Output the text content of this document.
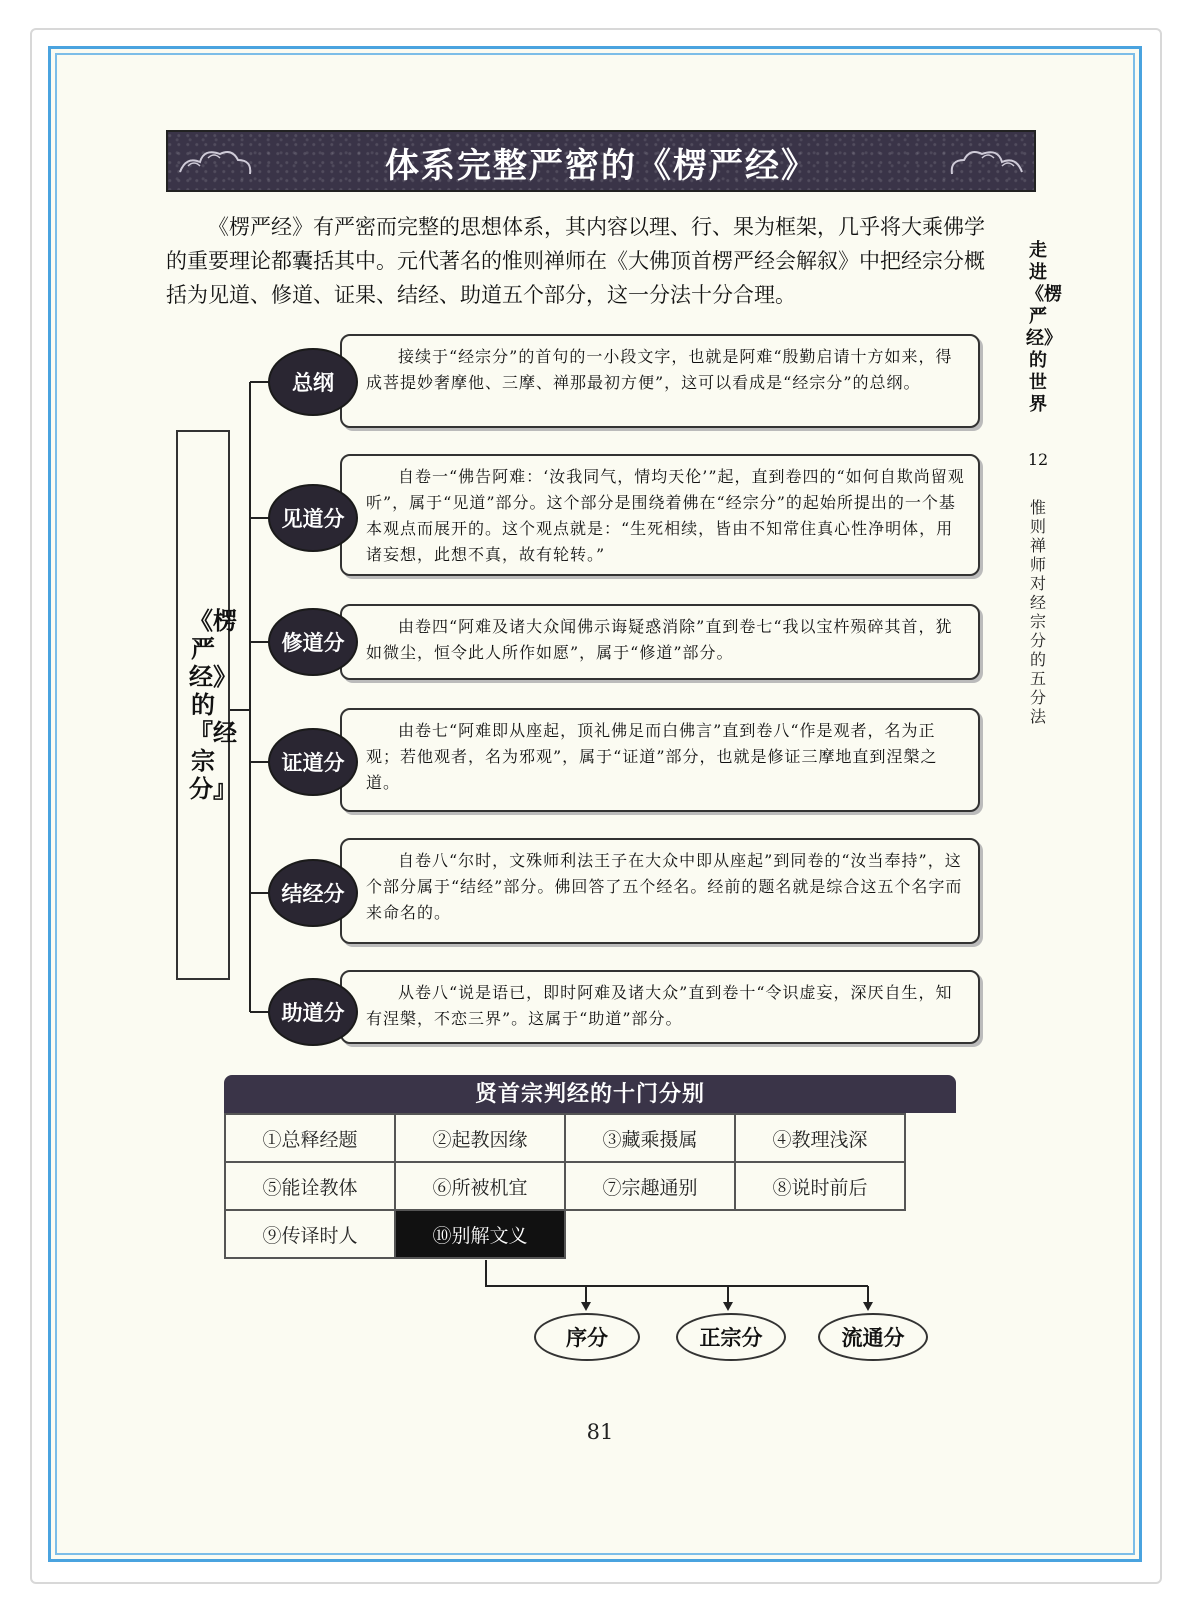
体系完整严密的《楞严经》

《楞严经》有严密而完整的思想体系，其内容以理、行、果为框架，几乎将大乘佛学的重要理论都囊括其中。元代著名的惟则禅师在《大佛顶首楞严经会解叙》中把经宗分概括为见道、修道、证果、结经、助道五个部分，这一分法十分合理。

走进《楞严经》的世界
12
惟则禅师对经宗分的五分法
《楞严经》的『经宗分』
接续于“经宗分”的首句的一小段文字，也就是阿难“殷勤启请十方如来，得成菩提妙奢摩他、三摩、禅那最初方便”，这可以看成是“经宗分”的总纲。
总纲
自卷一“佛告阿难：‘汝我同气，情均天伦’”起，直到卷四的“如何自欺尚留观听”，属于“见道”部分。这个部分是围绕着佛在“经宗分”的起始所提出的一个基本观点而展开的。这个观点就是：“生死相续，皆由不知常住真心性净明体，用诸妄想，此想不真，故有轮转。”
见道分
由卷四“阿难及诸大众闻佛示诲疑惑消除”直到卷七“我以宝杵殒碎其首，犹如微尘，恒令此人所作如愿”，属于“修道”部分。
修道分
由卷七“阿难即从座起，顶礼佛足而白佛言”直到卷八“作是观者，名为正观；若他观者，名为邪观”，属于“证道”部分，也就是修证三摩地直到涅槃之道。
证道分
自卷八“尔时，文殊师利法王子在大众中即从座起”到同卷的“汝当奉持”，这个部分属于“结经”部分。佛回答了五个经名。经前的题名就是综合这五个名字而来命名的。
结经分
从卷八“说是语已，即时阿难及诸大众”直到卷十“令识虚妄，深厌自生，知有涅槃，不恋三界”。这属于“助道”部分。
助道分
贤首宗判经的十门分别
①总释经题	②起教因缘	③藏乘摄属	④教理浅深
⑤能诠教体	⑥所被机宜	⑦宗趣通别	⑧说时前后
⑨传译时人	⑩别解文义		
序分	正宗分	流通分
81
